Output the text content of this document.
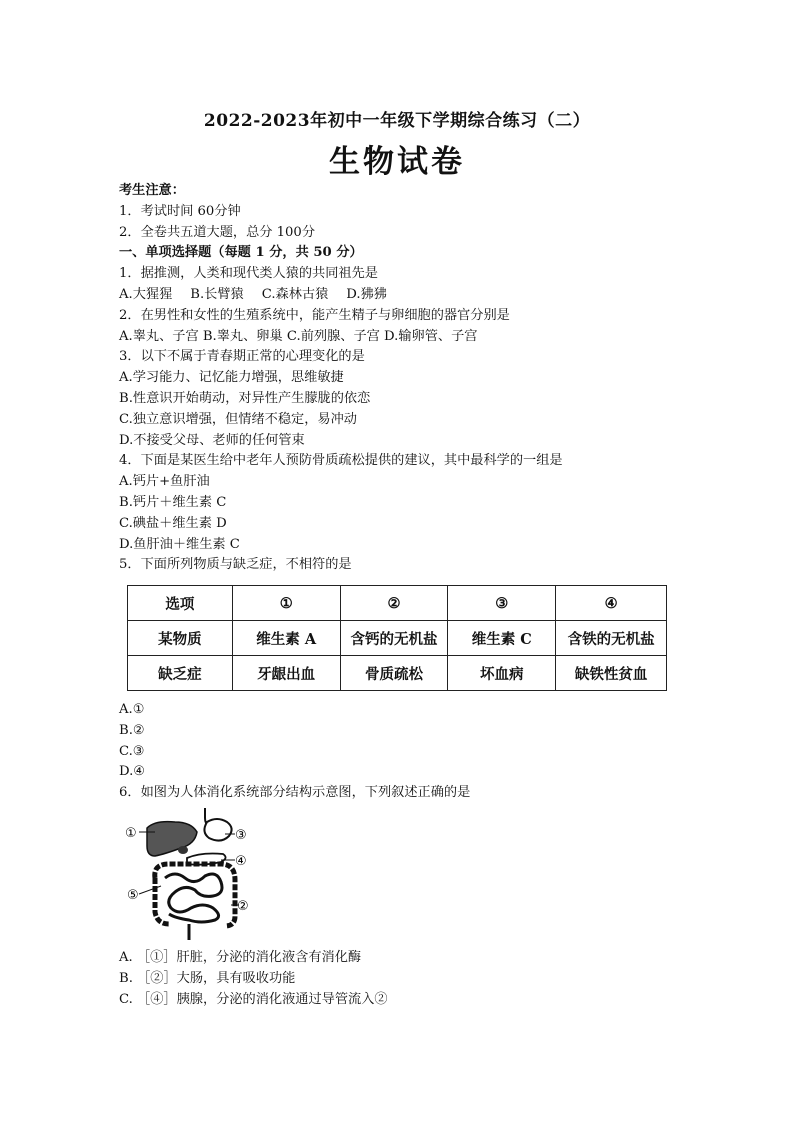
2022-2023年初中一年级下学期综合练习（二）
生物试卷
考生注意：
1．考试时间 60分钟
2．全卷共五道大题，总分 100分
一、单项选择题（每题 1 分，共 50 分）
1．据推测，人类和现代类人猿的共同祖先是
A.大猩猩 B.长臂猿 C.森林古猿 D.狒狒
2．在男性和女性的生殖系统中，能产生精子与卵细胞的器官分别是
A.睾丸、子宫 B.睾丸、卵巢 C.前列腺、子宫 D.输卵管、子宫
3．以下不属于青春期正常的心理变化的是
A.学习能力、记忆能力增强，思维敏捷
B.性意识开始萌动，对异性产生朦胧的依恋
C.独立意识增强，但情绪不稳定，易冲动
D.不接受父母、老师的任何管束
4．下面是某医生给中老年人预防骨质疏松提供的建议，其中最科学的一组是
A.钙片+鱼肝油
B.钙片＋维生素 C
C.碘盐＋维生素 D
D.鱼肝油＋维生素 C
5．下面所列物质与缺乏症，不相符的是
选项	①	②	③	④
某物质	维生素 A	含钙的无机盐	维生素 C	含铁的无机盐
缺乏症	牙龈出血	骨质疏松	坏血病	缺铁性贫血
A.①
B.②
C.③
D.④
6．如图为人体消化系统部分结构示意图，下列叙述正确的是
①	③
④
⑤
②
A. ［①］肝脏，分泌的消化液含有消化酶
B. ［②］大肠，具有吸收功能
C. ［④］胰腺，分泌的消化液通过导管流入②
